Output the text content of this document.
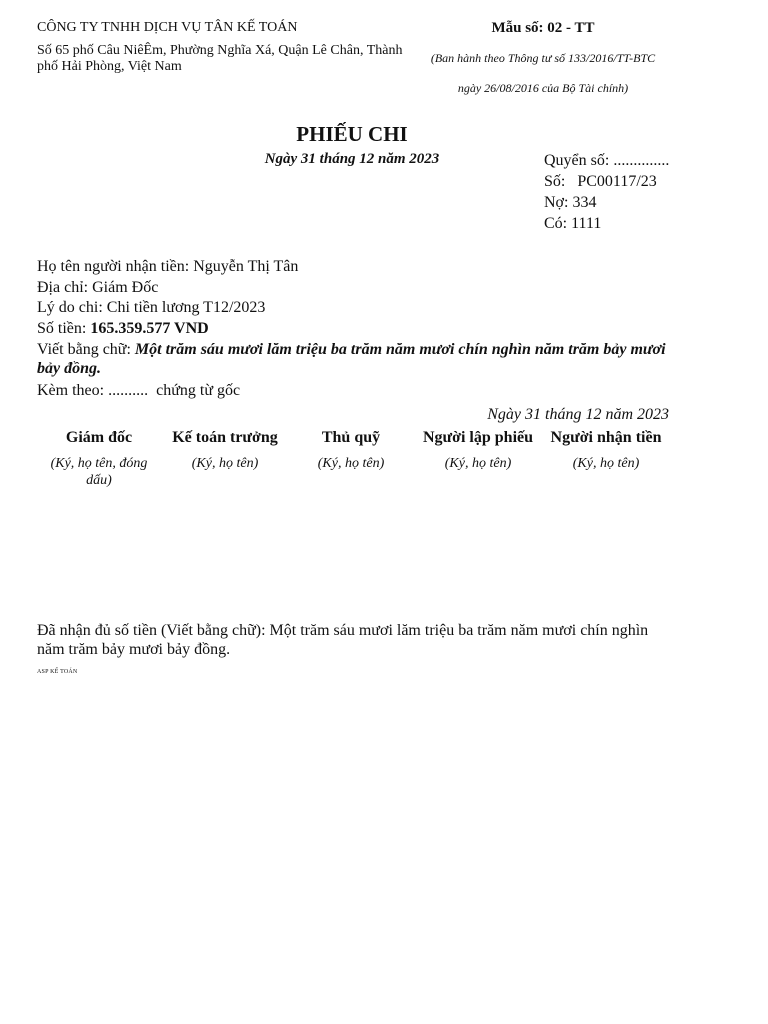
CÔNG TY TNHH DỊCH VỤ TÂN KẾ TOÁN
Số 65 phố Câu NiêÊm, Phường Nghĩa Xá, Quận Lê Chân, Thành phố Hải Phòng, Việt Nam
Mẫu số: 02 - TT
(Ban hành theo Thông tư số 133/2016/TT-BTC
ngày 26/08/2016 của Bộ Tài chính)
PHIẾU CHI
Ngày 31 tháng 12 năm 2023	Quyển số: ..............
Số: PC00117/23
Nợ: 334
Có: 1111
Họ tên người nhận tiền: Nguyễn Thị Tân
Địa chỉ: Giám Đốc
Lý do chi: Chi tiền lương T12/2023
Số tiền: 165.359.577 VND
Viết bằng chữ: Một trăm sáu mươi lăm triệu ba trăm năm mươi chín nghìn năm trăm bảy mươi bảy đồng.
Kèm theo: .......... chứng từ gốc
Ngày 31 tháng 12 năm 2023
Giám đốc
(Ký, họ tên, đóng dấu)
Kế toán trưởng
(Ký, họ tên)
Thủ quỹ
(Ký, họ tên)
Người lập phiếu
(Ký, họ tên)
Người nhận tiền
(Ký, họ tên)
Đã nhận đủ số tiền (Viết bằng chữ): Một trăm sáu mươi lăm triệu ba trăm năm mươi chín nghìn năm trăm bảy mươi bảy đồng.
ASP KẾ TOÁN
